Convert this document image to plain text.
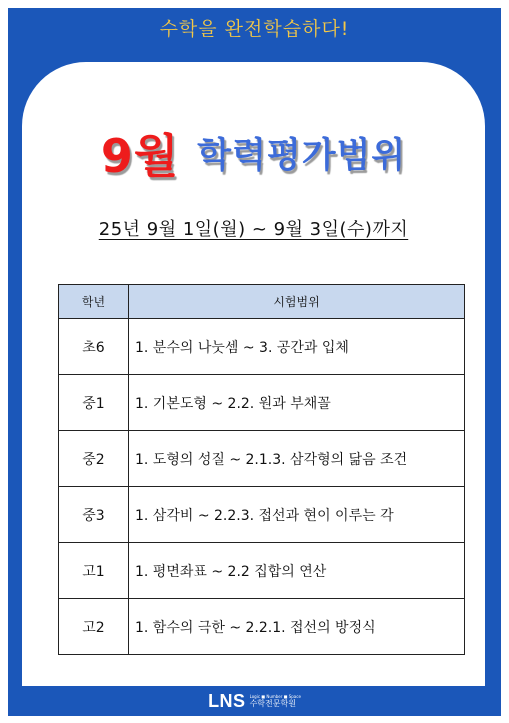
수학을 완전학습하다!
9월 학력평가범위
25년 9월 1일(월) ~ 9월 3일(수)까지
학년	시험범위
초6	1. 분수의 나눗셈 ~ 3. 공간과 입체
중1	1. 기본도형 ~ 2.2. 원과 부채꼴
중2	1. 도형의 성질 ~ 2.1.3. 삼각형의 닮음 조건
중3	1. 삼각비 ~ 2.2.3. 접선과 현이 이루는 각
고1	1. 평면좌표 ~ 2.2 집합의 연산
고2	1. 함수의 극한 ~ 2.2.1. 접선의 방정식
LNS Logic ■ Number ■ Space
수학전문학원
